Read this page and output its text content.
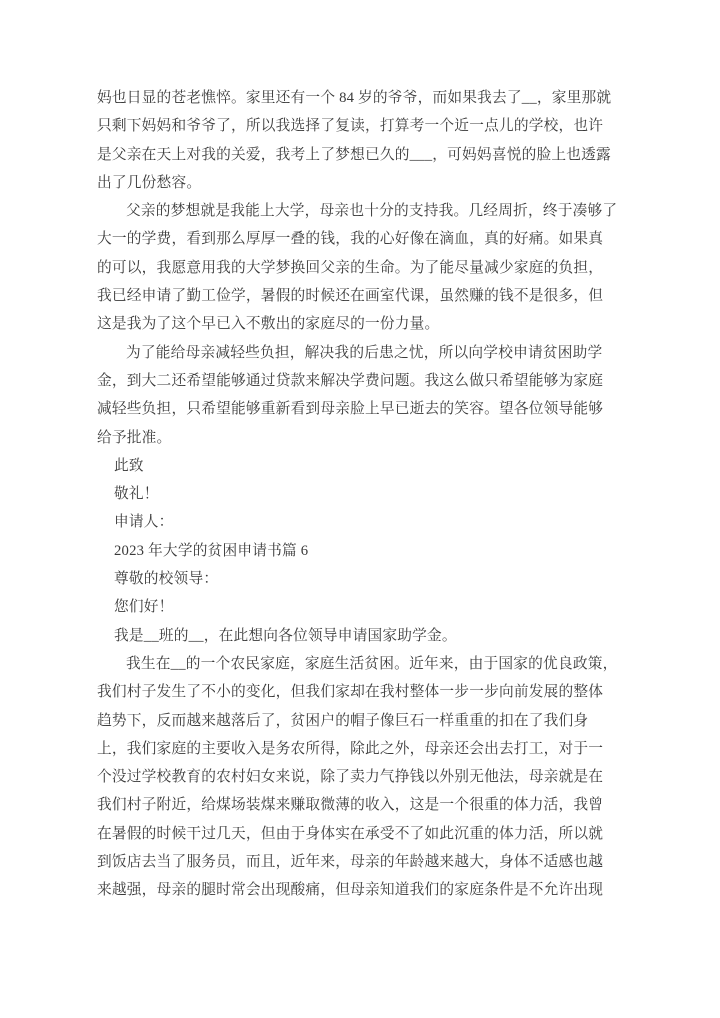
妈也日显的苍老憔悴。家里还有一个 84 岁的爷爷，而如果我去了__，家里那就
只剩下妈妈和爷爷了，所以我选择了复读，打算考一个近一点儿的学校，也许
是父亲在天上对我的关爱，我考上了梦想已久的___，可妈妈喜悦的脸上也透露
出了几份愁容。
父亲的梦想就是我能上大学，母亲也十分的支持我。几经周折，终于凑够了
大一的学费，看到那么厚厚一叠的钱，我的心好像在滴血，真的好痛。如果真
的可以，我愿意用我的大学梦换回父亲的生命。为了能尽量减少家庭的负担，
我已经申请了勤工俭学，暑假的时候还在画室代课，虽然赚的钱不是很多，但
这是我为了这个早已入不敷出的家庭尽的一份力量。
为了能给母亲减轻些负担，解决我的后患之忧，所以向学校申请贫困助学
金，到大二还希望能够通过贷款来解决学费问题。我这么做只希望能够为家庭
减轻些负担，只希望能够重新看到母亲脸上早已逝去的笑容。望各位领导能够
给予批准。
此致
敬礼！
申请人：
2023 年大学的贫困申请书篇 6
尊敬的校领导：
您们好！
我是__班的__，在此想向各位领导申请国家助学金。
我生在__的一个农民家庭，家庭生活贫困。近年来，由于国家的优良政策，
我们村子发生了不小的变化，但我们家却在我村整体一步一步向前发展的整体
趋势下，反而越来越落后了，贫困户的帽子像巨石一样重重的扣在了我们身
上，我们家庭的主要收入是务农所得，除此之外，母亲还会出去打工，对于一
个没过学校教育的农村妇女来说，除了卖力气挣钱以外别无他法，母亲就是在
我们村子附近，给煤场装煤来赚取微薄的收入，这是一个很重的体力活，我曾
在暑假的时候干过几天，但由于身体实在承受不了如此沉重的体力活，所以就
到饭店去当了服务员，而且，近年来，母亲的年龄越来越大，身体不适感也越
来越强，母亲的腿时常会出现酸痛，但母亲知道我们的家庭条件是不允许出现
